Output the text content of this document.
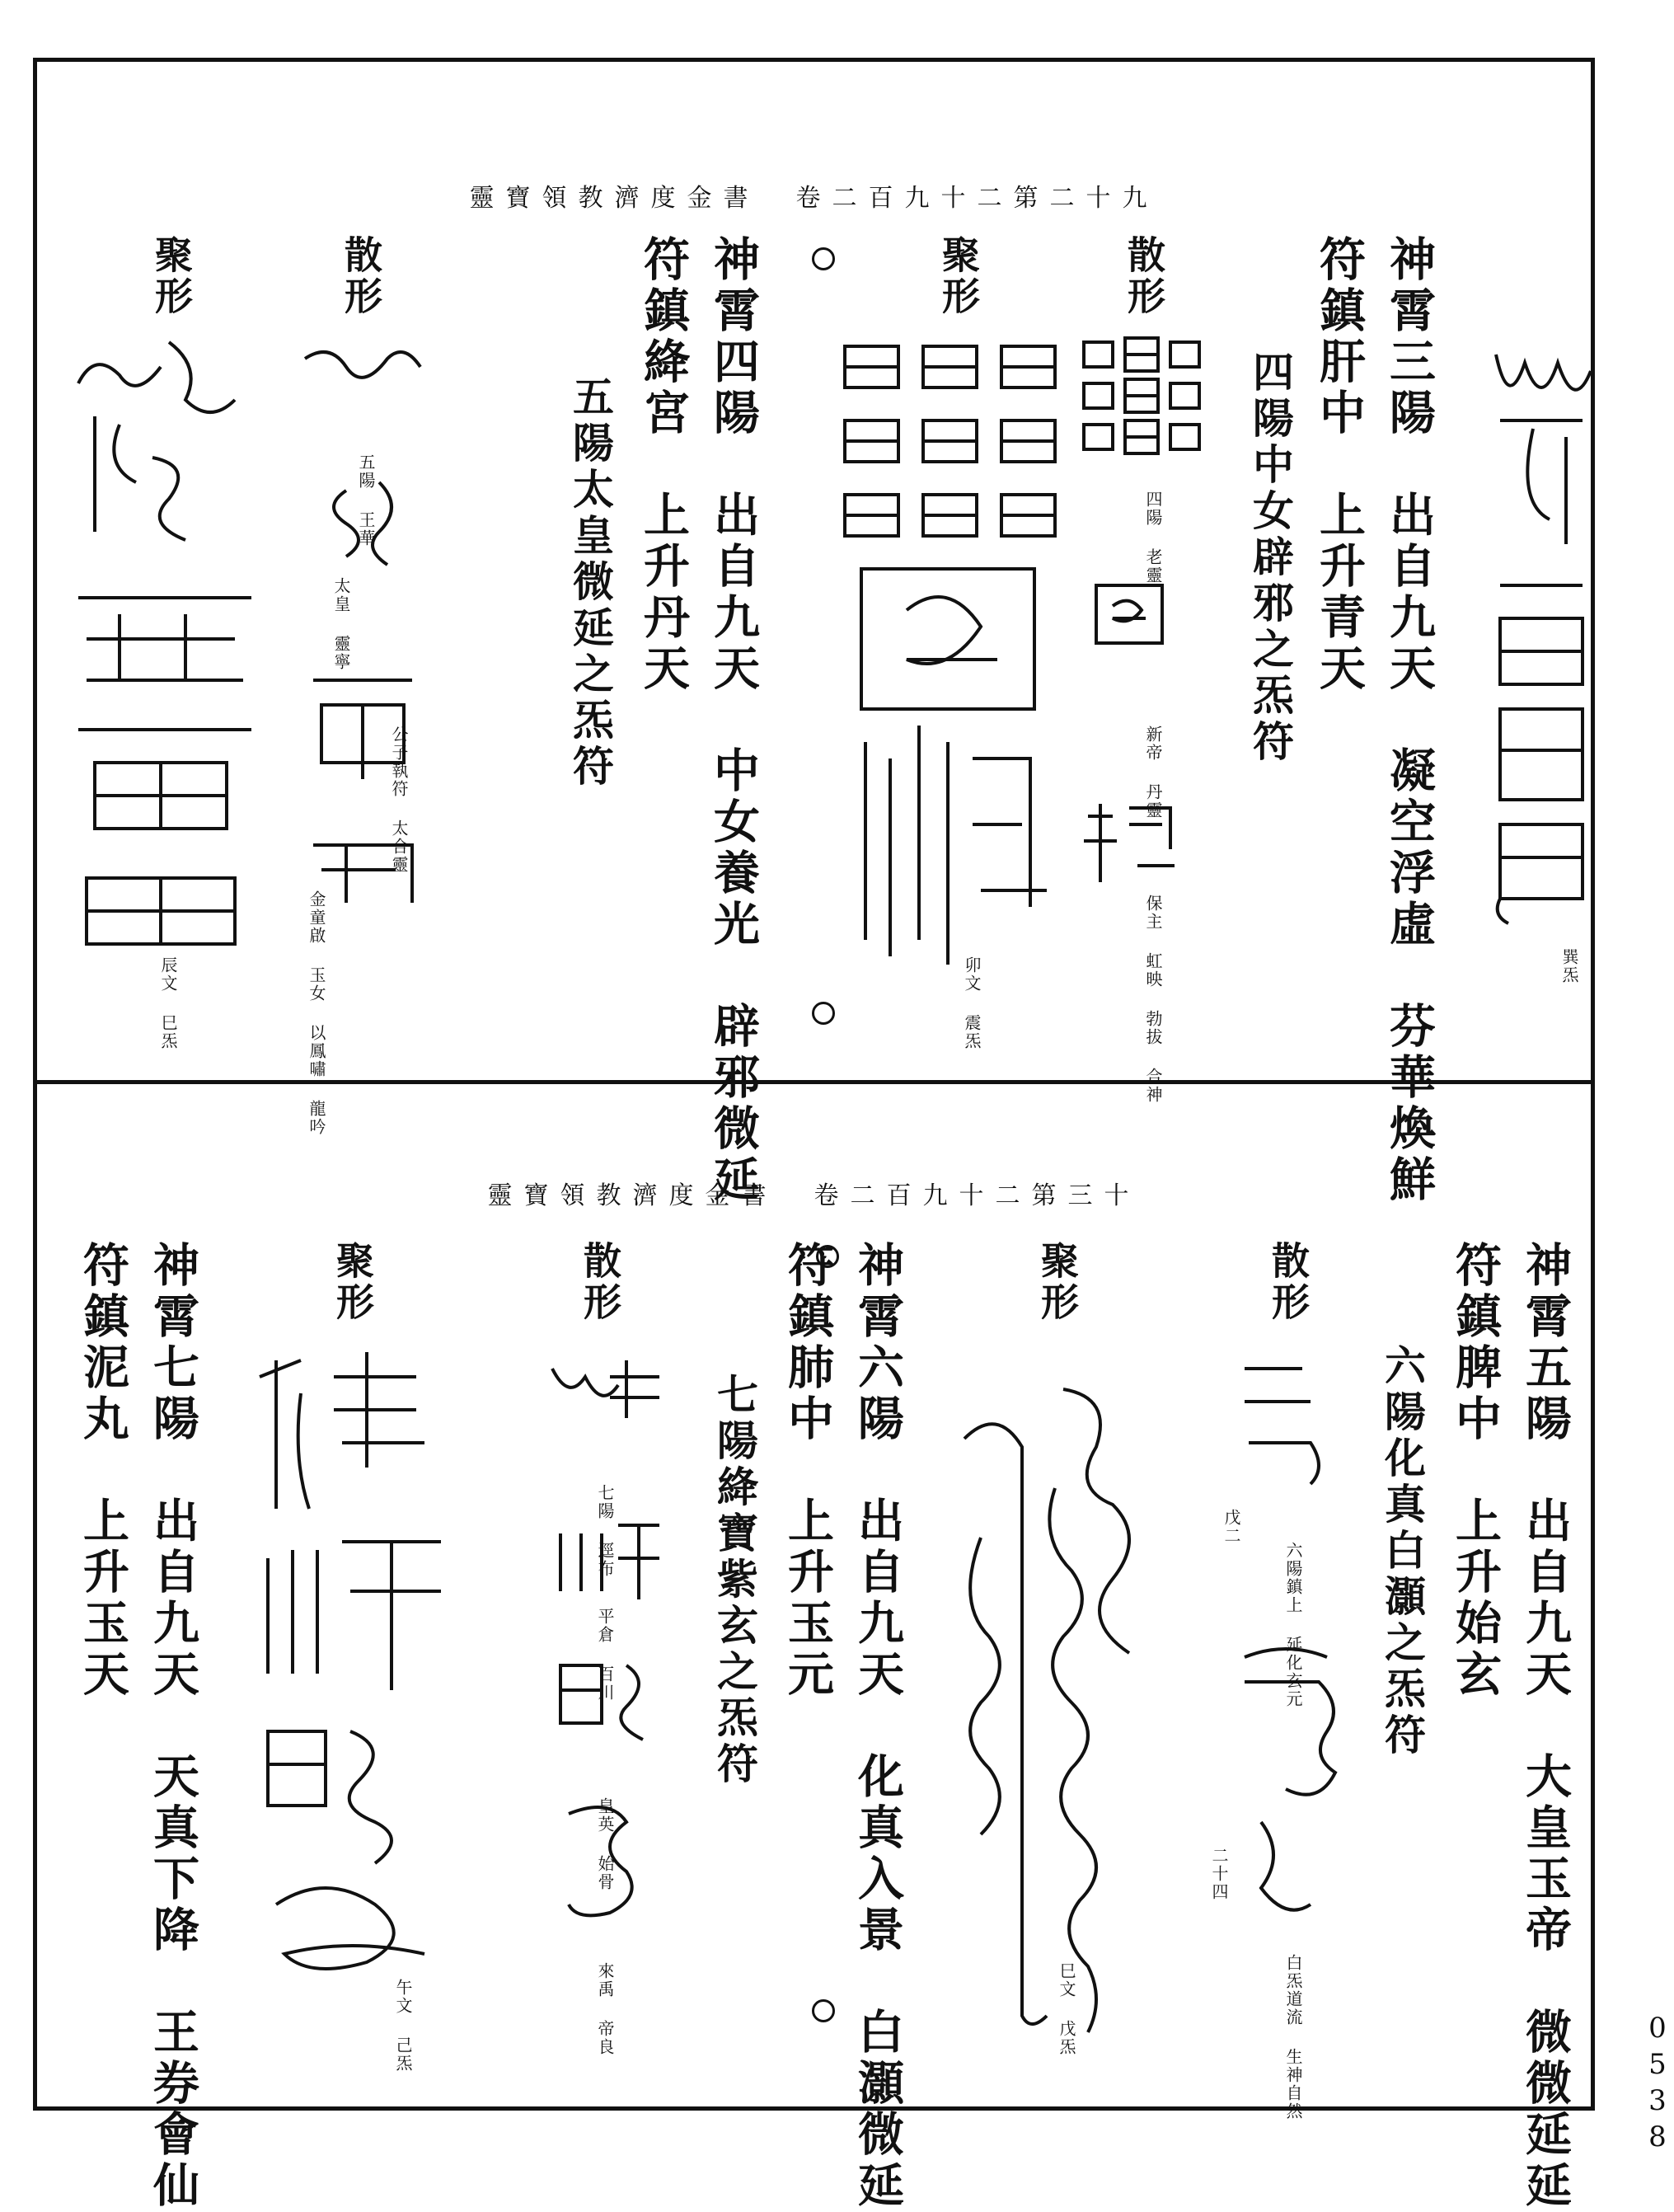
靈寶領教濟度金書　卷二百九十二第二十九
神霄三陽　出自九天　凝空浮虛　芬華煥鮮
符鎮肝中　上升青天
四陽中女辟邪之炁符
巽炁
散形
四陽 老靈
新帝 丹靈
保主 虹映 勃拔 合神
聚形
卯文 震炁
神霄四陽　出自九天　中女養光　辟邪微延
符鎮絳宮　上升丹天
五陽太皇微延之炁符
散形
五陽 王華
太皇 靈寧
公子執符 太合靈
金童啟 玉女 以鳳嘯 龍吟
聚形
辰文 巳炁
靈寶領教濟度金書　卷二百九十二第三十
神霄五陽　出自九天　大皇玉帝　微微延延
符鎮脾中　上升始玄
六陽化真白灝之炁符
散形
戊二
六陽鎮上 延化玄元
二十四
白炁道流 生神自然
聚形
巳文 戊炁
神霄六陽　出自九天　化真入景　白灝微延
符鎮肺中　上升玉元
七陽絳寶紫玄之炁符
散形
七陽 逕布
平倉 百川
皇英 始骨
來禹 帝良
聚形
午文 己炁
神霄七陽　出自九天　天真下降　王券會仙
符鎮泥丸　上升玉天
0538
